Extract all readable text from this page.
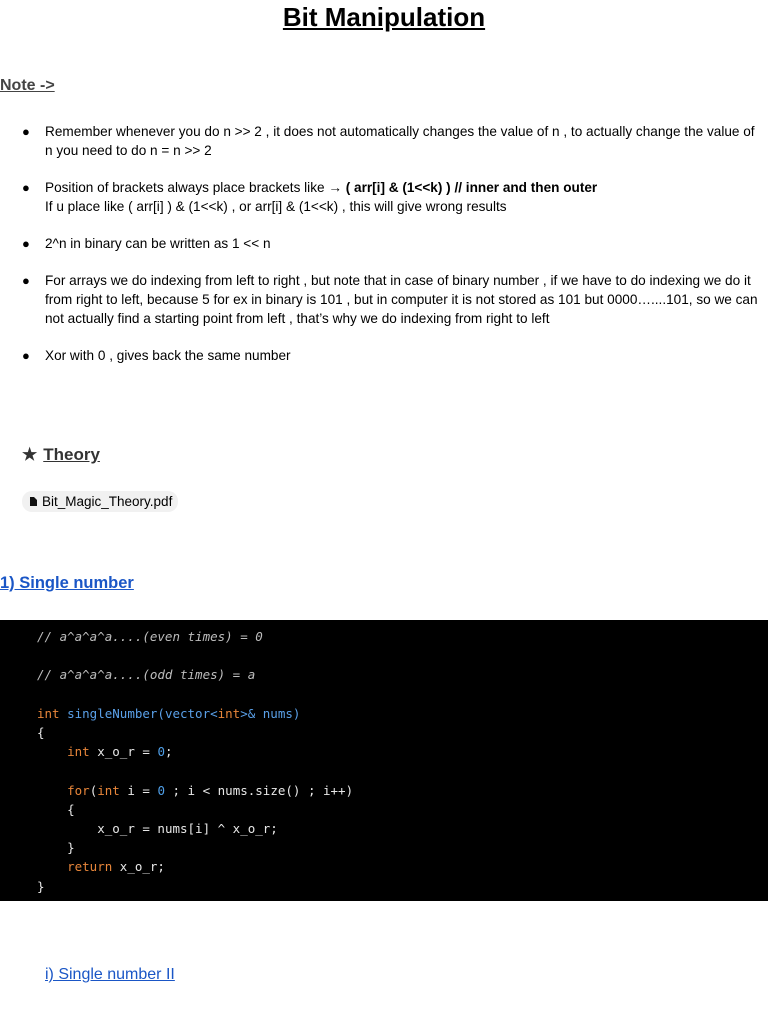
Bit Manipulation
Note ->
● Remember whenever you do n >> 2 , it does not automatically changes the value of n , to actually change the value of n you need to do n = n >> 2
● Position of brackets always place brackets like → ( arr[i] & (1<<k) ) // inner and then outer
If u place like ( arr[i] ) & (1<<k) , or arr[i] & (1<<k) , this will give wrong results
● 2^n in binary can be written as 1 << n
● For arrays we do indexing from left to right , but note that in case of binary number , if we have to do indexing we do it from right to left, because 5 for ex in binary is 101 , but in computer it is not stored as 101 but 0000…....101, so we can not actually find a starting point from left , that’s why we do indexing from right to left
● Xor with 0 , gives back the same number
★ Theory
Bit_Magic_Theory.pdf
1) Single number
// a^a^a^a....(even times) = 0

// a^a^a^a....(odd times) = a

int singleNumber(vector<int>& nums)
{
int x_o_r = 0;

for(int i = 0 ; i < nums.size() ; i++)
{
x_o_r = nums[i] ^ x_o_r;
}
return x_o_r;
}
i) Single number II
